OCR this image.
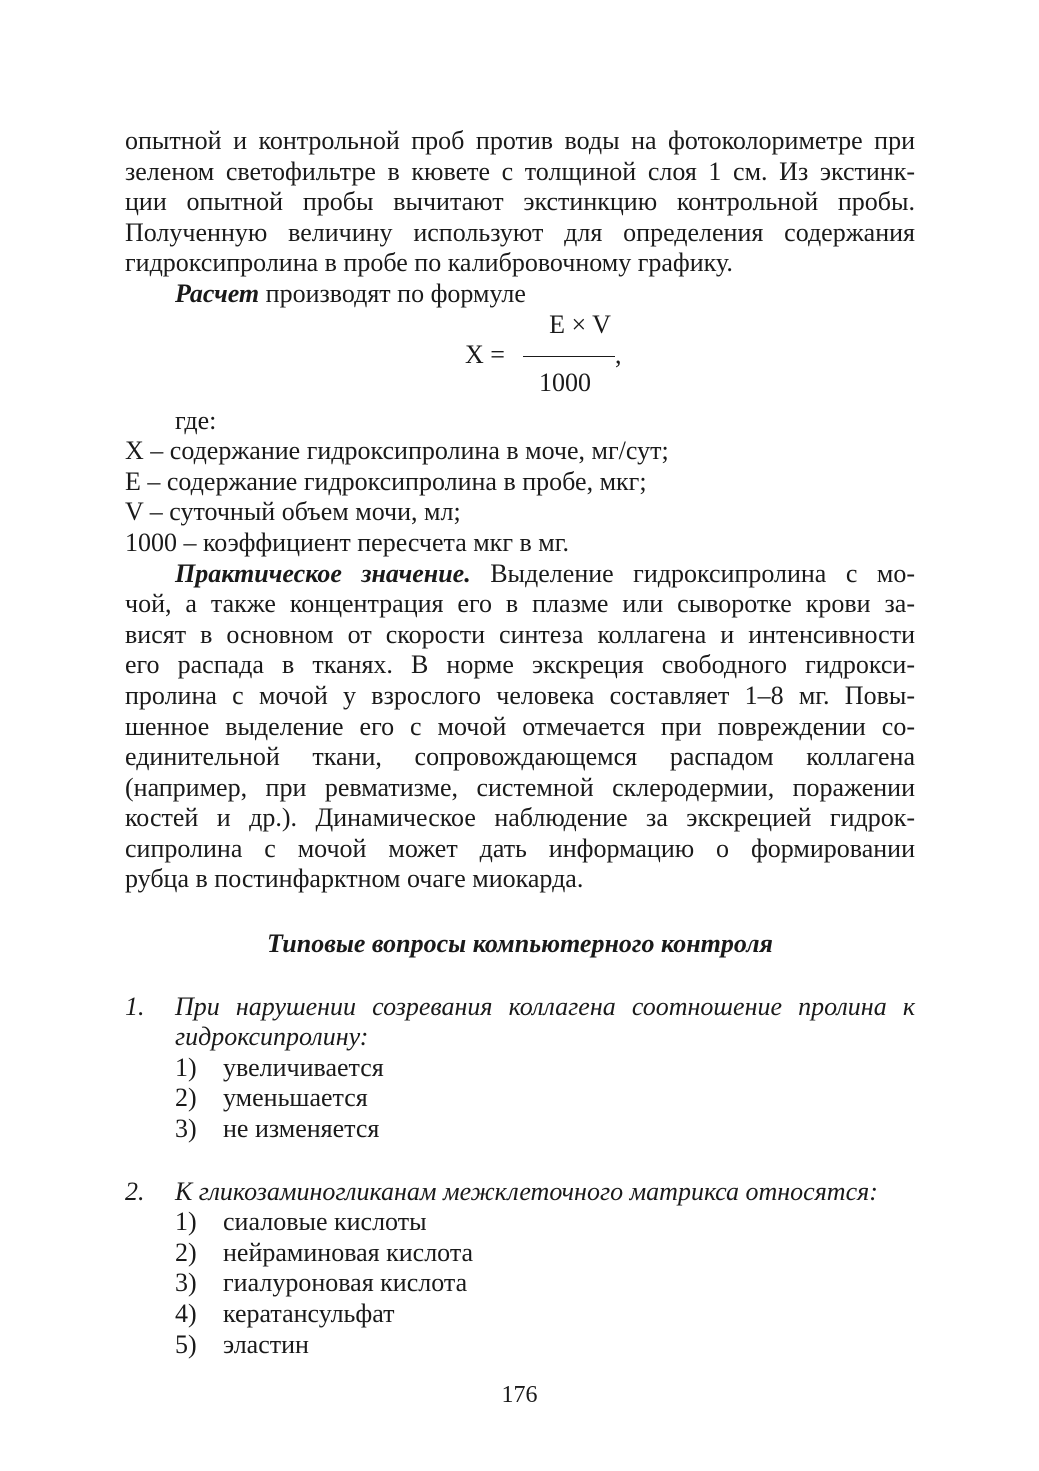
опытной и контрольной проб против воды на фотоколориметре при

зеленом светофильтре в кювете с толщиной слоя 1 см. Из экстинк-

ции опытной пробы вычитают экстинкцию контрольной пробы.

Полученную величину используют для определения содержания

гидроксипролина в пробе по калибровочному графику.

Расчет производят по формуле

E × V
X =	,
1000
где:
X – содержание гидроксипролина в моче, мг/сут;
E – содержание гидроксипролина в пробе, мкг;
V – суточный объем мочи, мл;
1000 – коэффициент пересчета мкг в мг.

Практическое значение. Выделение гидроксипролина с мо-

чой, а также концентрация его в плазме или сыворотке крови за-

висят в основном от скорости синтеза коллагена и интенсивности

его распада в тканях. В норме экскреция свободного гидрокси-

пролина с мочой у взрослого человека составляет 1–8 мг. Повы-

шенное выделение его с мочой отмечается при повреждении со-

единительной ткани, сопровождающемся распадом коллагена

(например, при ревматизме, системной склеродермии, поражении

костей и др.). Динамическое наблюдение за экскрецией гидрок-

сипролина с мочой может дать информацию о формировании

рубца в постинфарктном очаге миокарда.

Типовые вопросы компьютерного контроля
1.	При нарушении созревания коллагена соотношение пролина к
гидроксипролину:
1)	увеличивается
2)	уменьшается
3)	не изменяется
2.	К гликозаминогликанам межклеточного матрикса относятся:
1)	сиаловые кислоты
2)	нейраминовая кислота
3)	гиалуроновая кислота
4)	кератансульфат
5)	эластин
176
